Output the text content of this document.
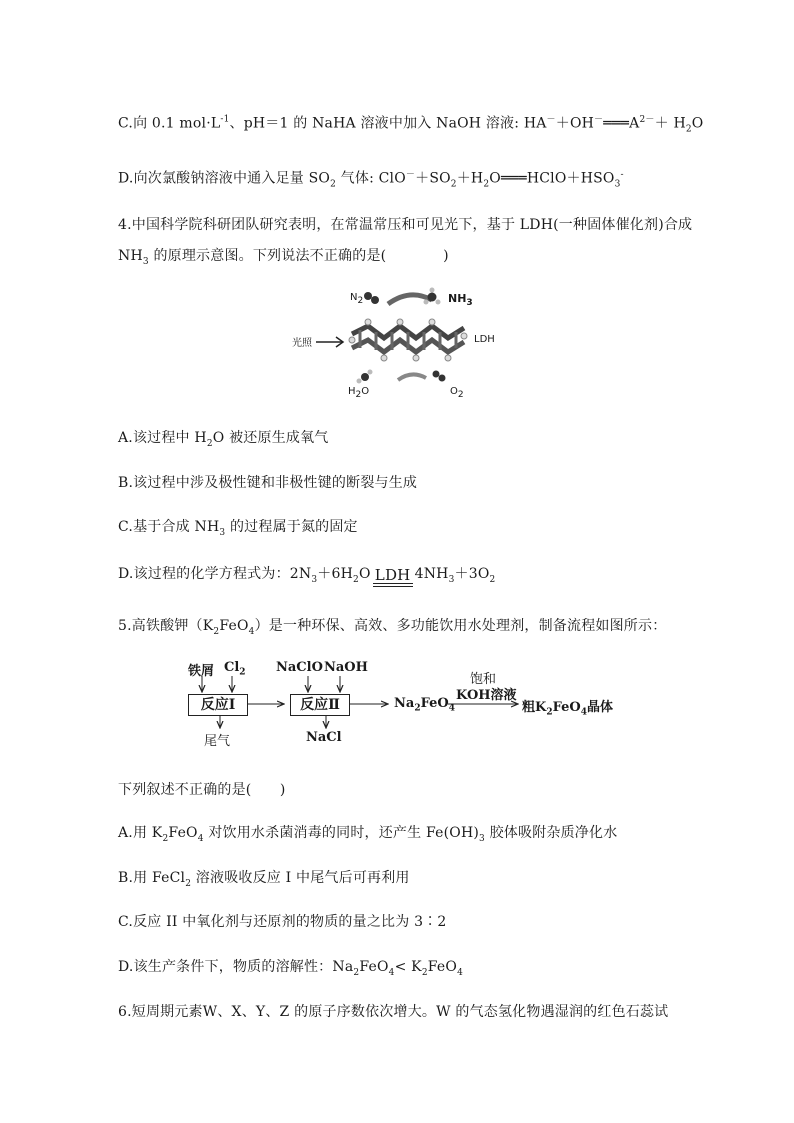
C.向 0.1 $mol\cdot L^{-1}$、pH＝1 的 NaHA 溶液中加入 NaOH 溶液: $HA^-+OH^-═══A^{2-}+ H_2O$
D.向次氯酸钠溶液中通入足量 $SO_2$ 气体: $ClO^-+SO_2+H_2O═══HClO+HSO_3^-$
4.中国科学院科研团队研究表明，在常温常压和可见光下，基于 LDH(一种固体催化剂)合成
$NH_3$ 的原理示意图。下列说法不正确的是(　　　　)
$N_2$	$NH_3$
光照	LDH
$H_2O$	$O_2$
A.该过程中 $H_2O$ 被还原生成氧气
B.该过程中涉及极性键和非极性键的断裂与生成
C.基于合成 $NH_3$ 的过程属于氮的固定
D.该过程的化学方程式为：$2N_3+6H_2O$ LDH $4NH_3+3O_2$
5.高铁酸钾$(K_2FeO_4)$是一种环保、高效、多功能饮用水处理剂，制备流程如图所示：
铁屑 $Cl_2$
反应Ⅰ
尾气
NaClO NaOH
反应Ⅱ
NaCl
$Na_2FeO_4$
饱和
KOH溶液
粗$K_2FeO_4$晶体
下列叙述不正确的是(　　)
A.用 $K_2FeO_4$ 对饮用水杀菌消毒的同时，还产生 $Fe(OH)_3$ 胶体吸附杂质净化水
B.用 FeCl$_2$ 溶液吸收反应 I 中尾气后可再利用
C.反应 II 中氧化剂与还原剂的物质的量之比为 3∶2
D.该生产条件下，物质的溶解性：$Na_2FeO_4< K_2FeO_4$
6.短周期元素W、X、Y、Z 的原子序数依次增大。W 的气态氢化物遇湿润的红色石蕊试
